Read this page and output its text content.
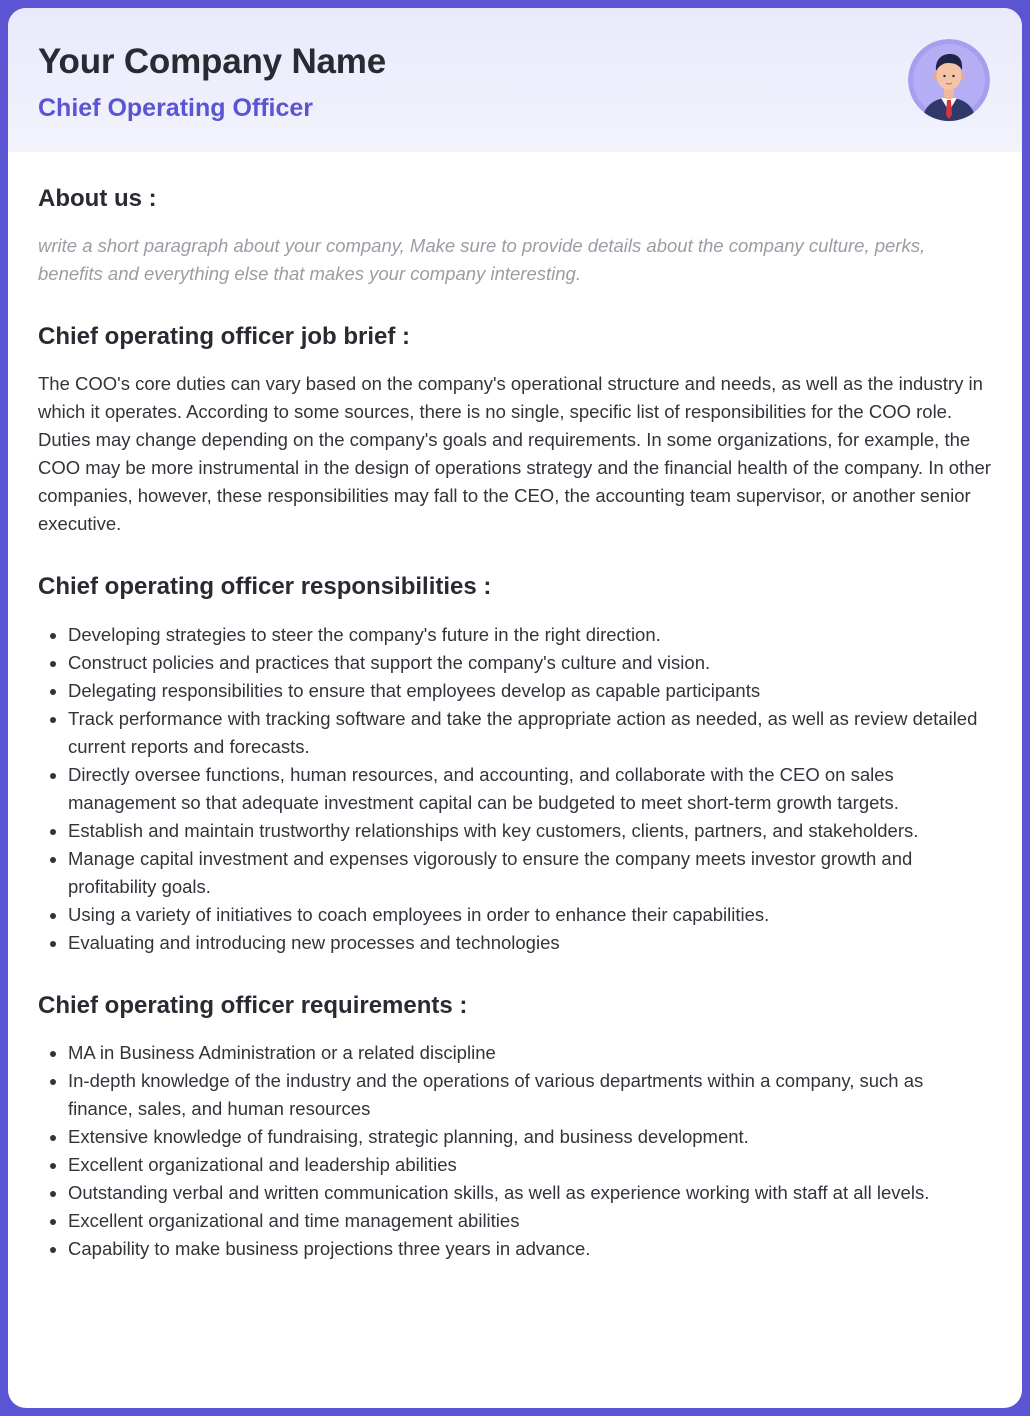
Your Company Name
Chief Operating Officer
About us :

write a short paragraph about your company, Make sure to provide details about the company culture, perks, benefits and everything else that makes your company interesting.

Chief operating officer job brief :

The COO's core duties can vary based on the company's operational structure and needs, as well as the industry in which it operates. According to some sources, there is no single, specific list of responsibilities for the COO role. Duties may change depending on the company's goals and requirements. In some organizations, for example, the COO may be more instrumental in the design of operations strategy and the financial health of the company. In other companies, however, these responsibilities may fall to the CEO, the accounting team supervisor, or another senior executive.

Chief operating officer responsibilities :
• Developing strategies to steer the company's future in the right direction.
• Construct policies and practices that support the company's culture and vision.
• Delegating responsibilities to ensure that employees develop as capable participants
• Track performance with tracking software and take the appropriate action as needed, as well as review detailed current reports and forecasts.
• Directly oversee functions, human resources, and accounting, and collaborate with the CEO on sales management so that adequate investment capital can be budgeted to meet short-term growth targets.
• Establish and maintain trustworthy relationships with key customers, clients, partners, and stakeholders.
• Manage capital investment and expenses vigorously to ensure the company meets investor growth and profitability goals.
• Using a variety of initiatives to coach employees in order to enhance their capabilities.
• Evaluating and introducing new processes and technologies
Chief operating officer requirements :
• MA in Business Administration or a related discipline
• In-depth knowledge of the industry and the operations of various departments within a company, such as finance, sales, and human resources
• Extensive knowledge of fundraising, strategic planning, and business development.
• Excellent organizational and leadership abilities
• Outstanding verbal and written communication skills, as well as experience working with staff at all levels.
• Excellent organizational and time management abilities
• Capability to make business projections three years in advance.
